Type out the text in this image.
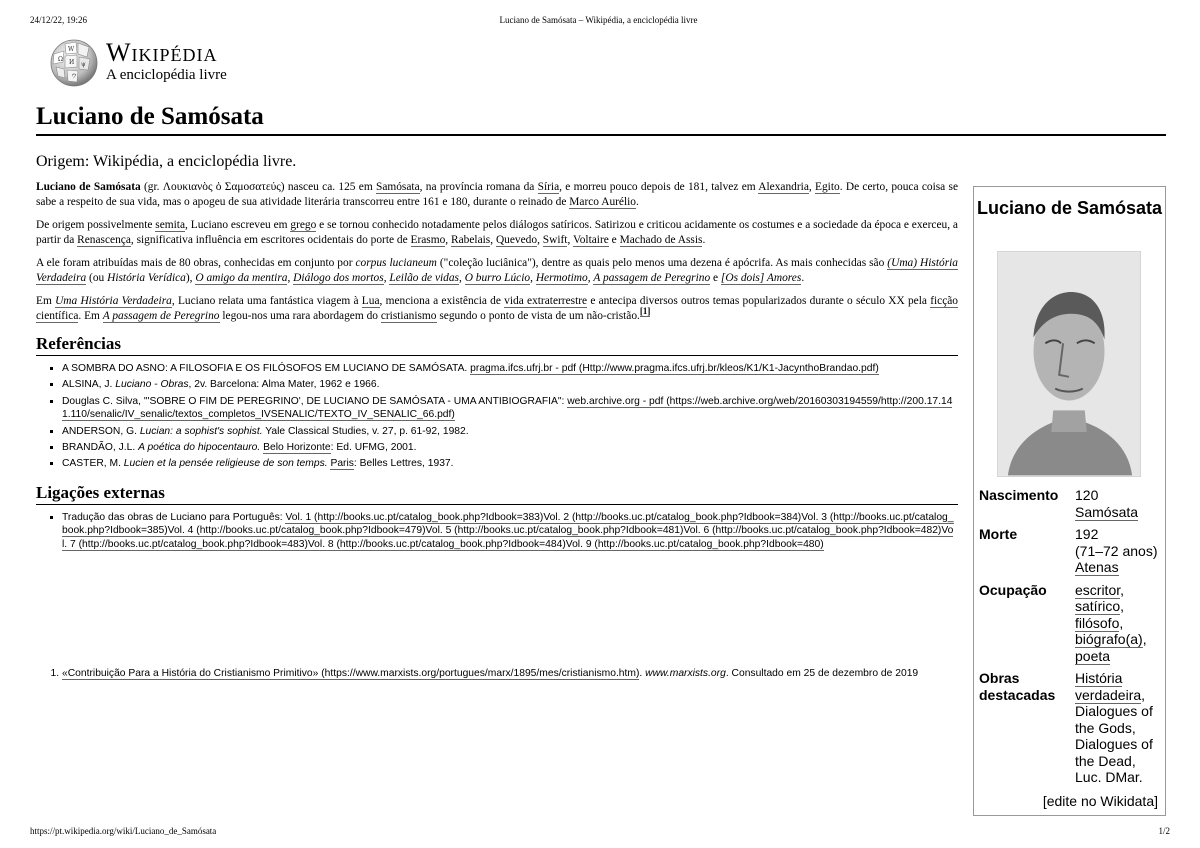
24/12/22, 19:26	Luciano de Samósata – Wikipédia, a enciclopédia livre
Ω
W
И ψ
ウ
Wikipédia
A enciclopédia livre
Luciano de Samósata
Origem: Wikipédia, a enciclopédia livre.

Luciano de Samósata (gr. Λουκιανὸς ὁ Σαμοσατεύς) nasceu ca. 125 em Samósata, na província romana da Síria, e morreu pouco depois de 181, talvez em Alexandria, Egito. De certo, pouca coisa se sabe a respeito de sua vida, mas o apogeu de sua atividade literária transcorreu entre 161 e 180, durante o reinado de Marco Aurélio.

De origem possivelmente semita, Luciano escreveu em grego e se tornou conhecido notadamente pelos diálogos satíricos. Satirizou e criticou acidamente os costumes e a sociedade da época e exerceu, a partir da Renascença, significativa influência em escritores ocidentais do porte de Erasmo, Rabelais, Quevedo, Swift, Voltaire e Machado de Assis.

A ele foram atribuídas mais de 80 obras, conhecidas em conjunto por corpus lucianeum ("coleção luciânica"), dentre as quais pelo menos uma dezena é apócrifa. As mais conhecidas são (Uma) História Verdadeira (ou História Verídica), O amigo da mentira, Diálogo dos mortos, Leilão de vidas, O burro Lúcio, Hermotimo, A passagem de Peregrino e [Os dois] Amores.

Em Uma História Verdadeira, Luciano relata uma fantástica viagem à Lua, menciona a existência de vida extraterrestre e antecipa diversos outros temas popularizados durante o século XX pela ficção científica. Em A passagem de Peregrino legou-nos uma rara abordagem do cristianismo segundo o ponto de vista de um não-cristão.[1]

Referências
▪ A SOMBRA DO ASNO: A FILOSOFIA E OS FILÓSOFOS EM LUCIANO DE SAMÓSATA. pragma.ifcs.ufrj.br - pdf (Http://www.pragma.ifcs.ufrj.br/kleos/K1/K1-JacynthoBrandao.pdf)
▪ ALSINA, J. Luciano - Obras, 2v. Barcelona: Alma Mater, 1962 e 1966.
▪ Douglas C. Silva, "'SOBRE O FIM DE PEREGRINO', DE LUCIANO DE SAMÓSATA - UMA ANTIBIOGRAFIA": web.archive.org - pdf (https://web.archive.org/web/20160303194559/http://200.17.141.110/senalic/IV_senalic/textos_completos_IVSENALIC/TEXTO_IV_SENALIC_66.pdf)
▪ ANDERSON, G. Lucian: a sophist's sophist. Yale Classical Studies, v. 27, p. 61-92, 1982.
▪ BRANDÃO, J.L. A poética do hipocentauro. Belo Horizonte: Ed. UFMG, 2001.
▪ CASTER, M. Lucien et la pensée religieuse de son temps. Paris: Belles Lettres, 1937.
Ligações externas
▪ Tradução das obras de Luciano para Português: Vol. 1 (http://books.uc.pt/catalog_book.php?Idbook=383)Vol. 2 (http://books.uc.pt/catalog_book.php?Idbook=384)Vol. 3 (http://books.uc.pt/catalog_book.php?Idbook=385)Vol. 4 (http://books.uc.pt/catalog_book.php?Idbook=479)Vol. 5 (http://books.uc.pt/catalog_book.php?Idbook=481)Vol. 6 (http://books.uc.pt/catalog_book.php?Idbook=482)Vol. 7 (http://books.uc.pt/catalog_book.php?Idbook=483)Vol. 8 (http://books.uc.pt/catalog_book.php?Idbook=484)Vol. 9 (http://books.uc.pt/catalog_book.php?Idbook=480)
1. «Contribuição Para a História do Cristianismo Primitivo» (https://www.marxists.org/portugues/marx/1895/mes/cristianismo.htm). www.marxists.org. Consultado em 25 de dezembro de 2019
Luciano de Samósata
Nascimento	120
Samósata
Morte	192
(71–72 anos)
Atenas
Ocupação	escritor,
satírico,
filósofo,
biógrafo(a),
poeta
Obras destacadas	História verdadeira,
Dialogues of the Gods,
Dialogues of the Dead,
Luc. DMar.
[edite no Wikidata]
https://pt.wikipedia.org/wiki/Luciano_de_Samósata	1/2
